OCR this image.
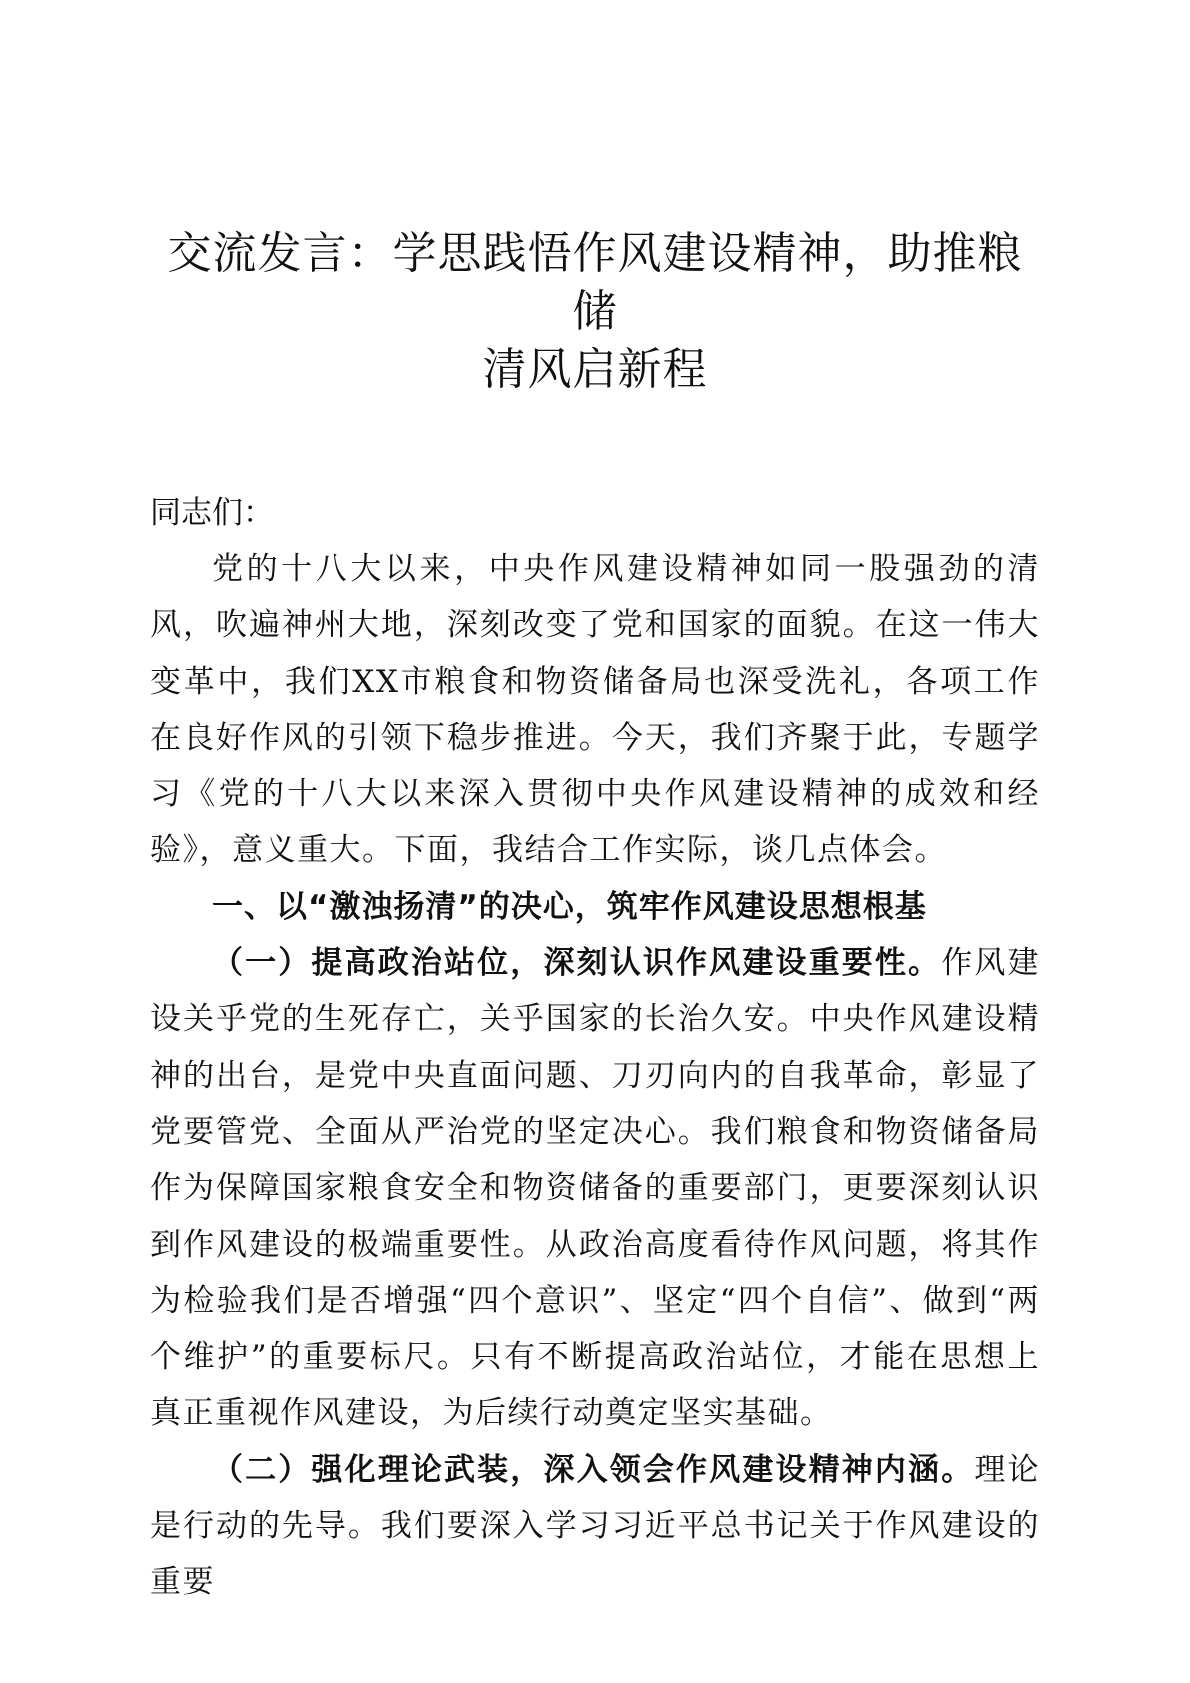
交流发言：学思践悟作风建设精神，助推粮储
清风启新程
同志们：

党的十八大以来，中央作风建设精神如同一股强劲的清风，吹遍神州大地，深刻改变了党和国家的面貌。在这一伟大变革中，我们XX市粮食和物资储备局也深受洗礼，各项工作在良好作风的引领下稳步推进。今天，我们齐聚于此，专题学习《党的十八大以来深入贯彻中央作风建设精神的成效和经验》，意义重大。下面，我结合工作实际，谈几点体会。

一、以“激浊扬清”的决心，筑牢作风建设思想根基

（一）提高政治站位，深刻认识作风建设重要性。作风建设关乎党的生死存亡，关乎国家的长治久安。中央作风建设精神的出台，是党中央直面问题、刀刃向内的自我革命，彰显了党要管党、全面从严治党的坚定决心。我们粮食和物资储备局作为保障国家粮食安全和物资储备的重要部门，更要深刻认识到作风建设的极端重要性。从政治高度看待作风问题，将其作为检验我们是否增强“四个意识”、坚定“四个自信”、做到“两个维护”的重要标尺。只有不断提高政治站位，才能在思想上真正重视作风建设，为后续行动奠定坚实基础。

（二）强化理论武装，深入领会作风建设精神内涵。理论是行动的先导。我们要深入学习习近平总书记关于作风建设的重要
